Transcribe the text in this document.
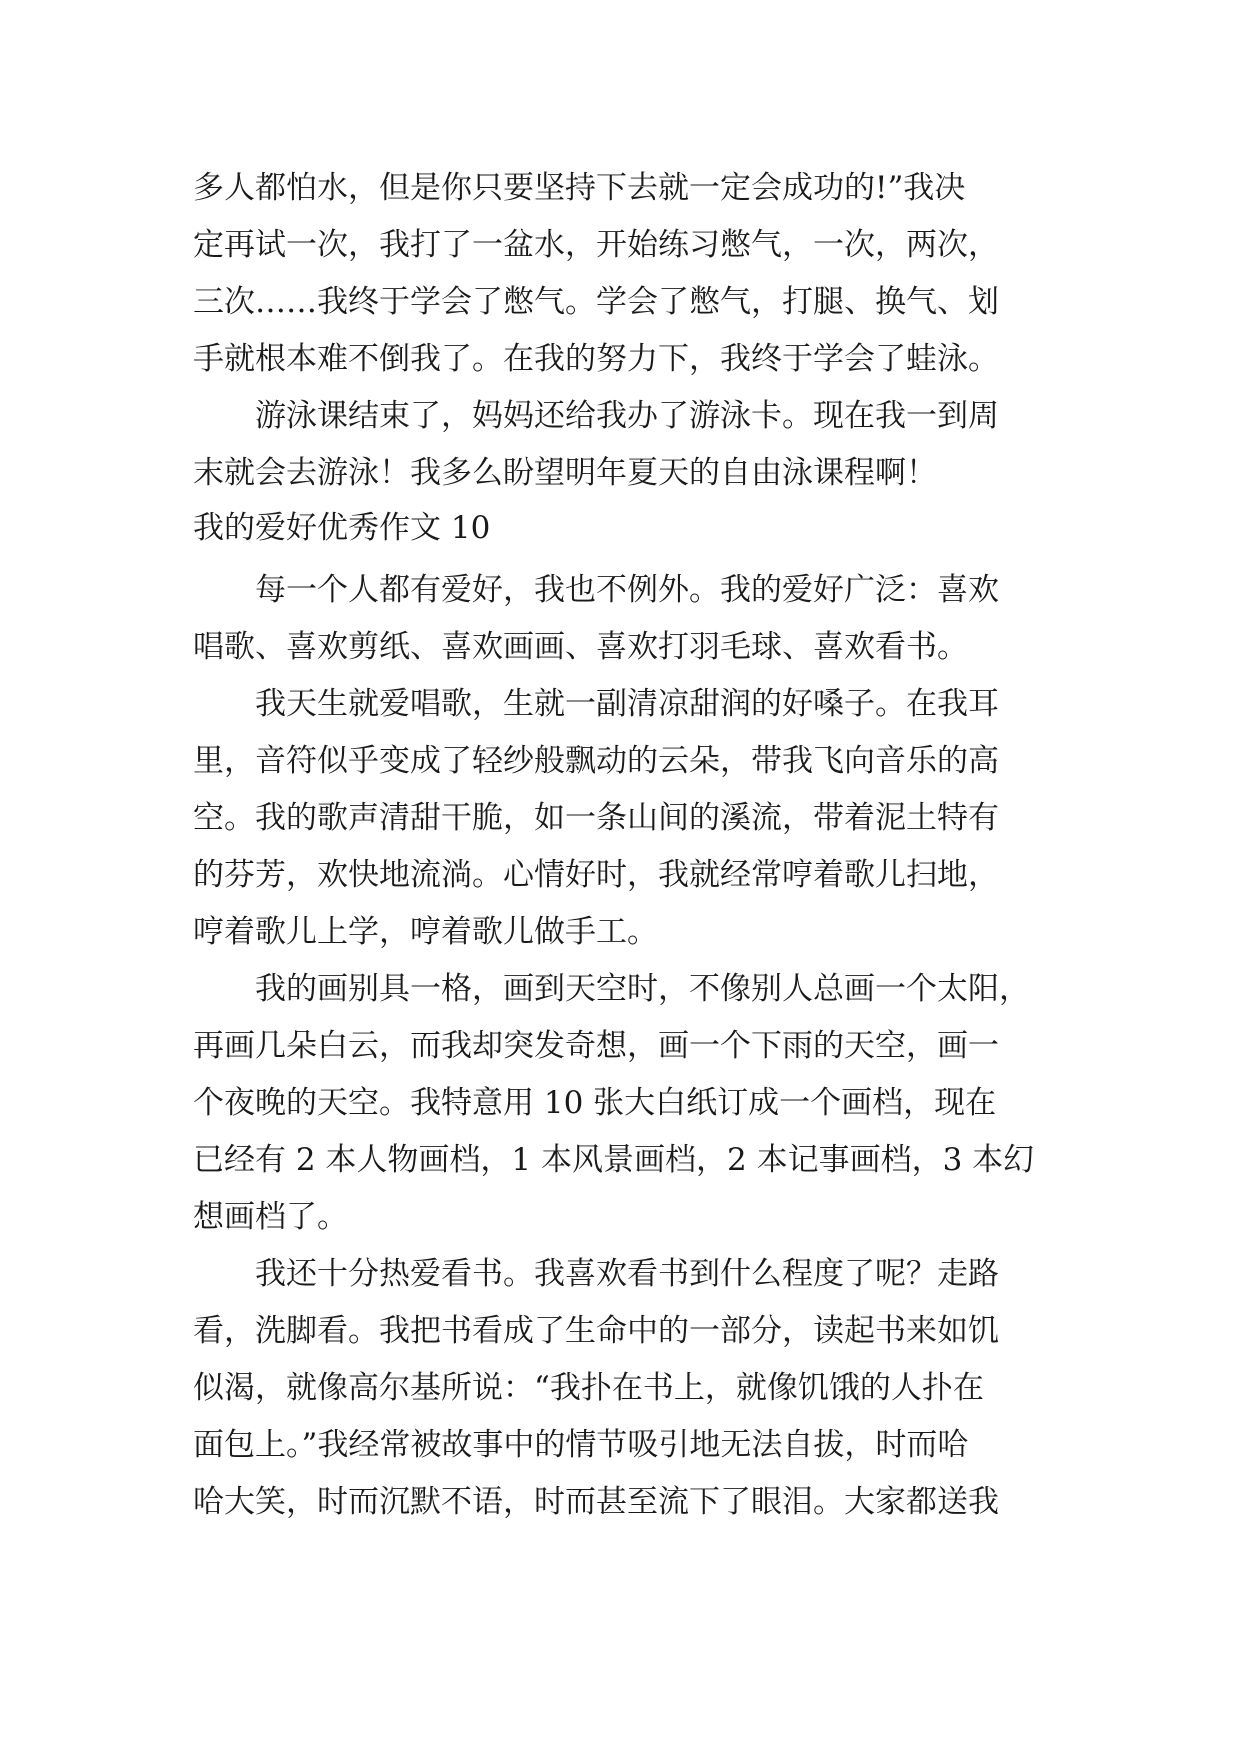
多人都怕水，但是你只要坚持下去就一定会成功的!”我决
定再试一次，我打了一盆水，开始练习憋气，一次，两次，
三次……我终于学会了憋气。学会了憋气，打腿、换气、划
手就根本难不倒我了。在我的努力下，我终于学会了蛙泳。
游泳课结束了，妈妈还给我办了游泳卡。现在我一到周
末就会去游泳！我多么盼望明年夏天的自由泳课程啊！
我的爱好优秀作文 10
每一个人都有爱好，我也不例外。我的爱好广泛：喜欢
唱歌、喜欢剪纸、喜欢画画、喜欢打羽毛球、喜欢看书。
我天生就爱唱歌，生就一副清凉甜润的好嗓子。在我耳
里，音符似乎变成了轻纱般飘动的云朵，带我飞向音乐的高
空。我的歌声清甜干脆，如一条山间的溪流，带着泥土特有
的芬芳，欢快地流淌。心情好时，我就经常哼着歌儿扫地，
哼着歌儿上学，哼着歌儿做手工。
我的画别具一格，画到天空时，不像别人总画一个太阳，
再画几朵白云，而我却突发奇想，画一个下雨的天空，画一
个夜晚的天空。我特意用 10 张大白纸订成一个画档，现在
已经有 2 本人物画档，1 本风景画档，2 本记事画档，3 本幻
想画档了。
我还十分热爱看书。我喜欢看书到什么程度了呢？走路
看，洗脚看。我把书看成了生命中的一部分，读起书来如饥
似渴，就像高尔基所说：“我扑在书上，就像饥饿的人扑在
面包上。”我经常被故事中的情节吸引地无法自拔，时而哈
哈大笑，时而沉默不语，时而甚至流下了眼泪。大家都送我
